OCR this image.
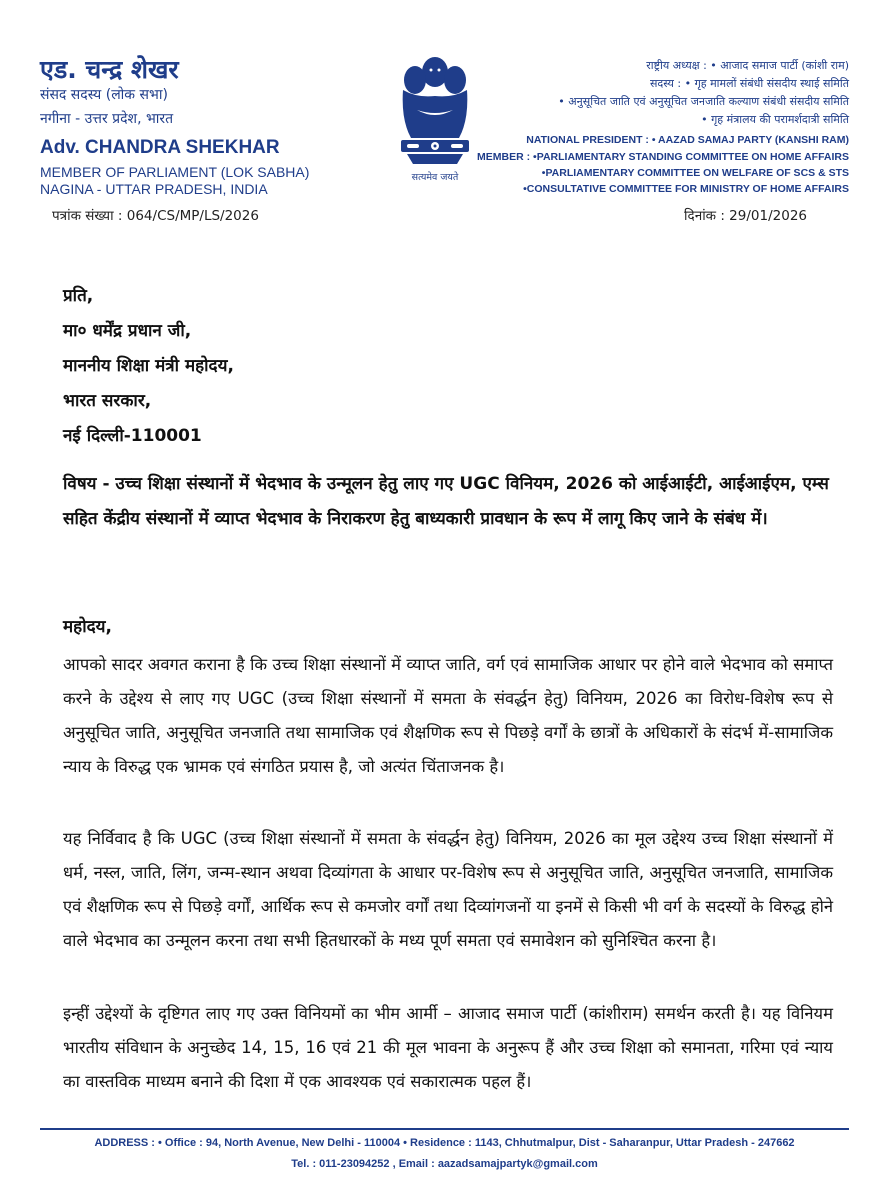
एड. चन्द्र शेखर
संसद सदस्य (लोक सभा)
नगीना - उत्तर प्रदेश, भारत
Adv. CHANDRA SHEKHAR
MEMBER OF PARLIAMENT (LOK SABHA)
NAGINA - UTTAR PRADESH, INDIA
सत्यमेव जयते
राष्ट्रीय अध्यक्ष : • आजाद समाज पार्टी (कांशी राम)
सदस्य : • गृह मामलों संबंधी संसदीय स्थाई समिति
• अनुसूचित जाति एवं अनुसूचित जनजाति कल्याण संबंधी संसदीय समिति
• गृह मंत्रालय की परामर्शदात्री समिति
NATIONAL PRESIDENT : • AAZAD SAMAJ PARTY (KANSHI RAM)
MEMBER : •PARLIAMENTARY STANDING COMMITTEE ON HOME AFFAIRS
•PARLIAMENTARY COMMITTEE ON WELFARE OF SCS & STS
•CONSULTATIVE COMMITTEE FOR MINISTRY OF HOME AFFAIRS
पत्रांक संख्या : 064/CS/MP/LS/2026	दिनांक : 29/01/2026
प्रति,
मा० धर्मेंद्र प्रधान जी,
माननीय शिक्षा मंत्री महोदय,
भारत सरकार,
नई दिल्ली-110001
विषय - उच्च शिक्षा संस्थानों में भेदभाव के उन्मूलन हेतु लाए गए UGC विनियम, 2026 को आईआईटी, आईआईएम, एम्स सहित केंद्रीय संस्थानों में व्याप्त भेदभाव के निराकरण हेतु बाध्यकारी प्रावधान के रूप में लागू किए जाने के संबंध में।
महोदय,
आपको सादर अवगत कराना है कि उच्च शिक्षा संस्थानों में व्याप्त जाति, वर्ग एवं सामाजिक आधार पर होने वाले भेदभाव को समाप्त करने के उद्देश्य से लाए गए UGC (उच्च शिक्षा संस्थानों में समता के संवर्द्धन हेतु) विनियम, 2026 का विरोध-विशेष रूप से अनुसूचित जाति, अनुसूचित जनजाति तथा सामाजिक एवं शैक्षणिक रूप से पिछड़े वर्गों के छात्रों के अधिकारों के संदर्भ में-सामाजिक न्याय के विरुद्ध एक भ्रामक एवं संगठित प्रयास है, जो अत्यंत चिंताजनक है।
यह निर्विवाद है कि UGC (उच्च शिक्षा संस्थानों में समता के संवर्द्धन हेतु) विनियम, 2026 का मूल उद्देश्य उच्च शिक्षा संस्थानों में धर्म, नस्ल, जाति, लिंग, जन्म-स्थान अथवा दिव्यांगता के आधार पर-विशेष रूप से अनुसूचित जाति, अनुसूचित जनजाति, सामाजिक एवं शैक्षणिक रूप से पिछड़े वर्गों, आर्थिक रूप से कमजोर वर्गों तथा दिव्यांगजनों या इनमें से किसी भी वर्ग के सदस्यों के विरुद्ध होने वाले भेदभाव का उन्मूलन करना तथा सभी हितधारकों के मध्य पूर्ण समता एवं समावेशन को सुनिश्चित करना है।
इन्हीं उद्देश्यों के दृष्टिगत लाए गए उक्त विनियमों का भीम आर्मी – आजाद समाज पार्टी (कांशीराम) समर्थन करती है। यह विनियम भारतीय संविधान के अनुच्छेद 14, 15, 16 एवं 21 की मूल भावना के अनुरूप हैं और उच्च शिक्षा को समानता, गरिमा एवं न्याय का वास्तविक माध्यम बनाने की दिशा में एक आवश्यक एवं सकारात्मक पहल हैं।
ADDRESS : • Office : 94, North Avenue, New Delhi - 110004 • Residence : 1143, Chhutmalpur, Dist - Saharanpur, Uttar Pradesh - 247662
Tel. : 011-23094252 , Email : aazadsamajpartyk@gmail.com
